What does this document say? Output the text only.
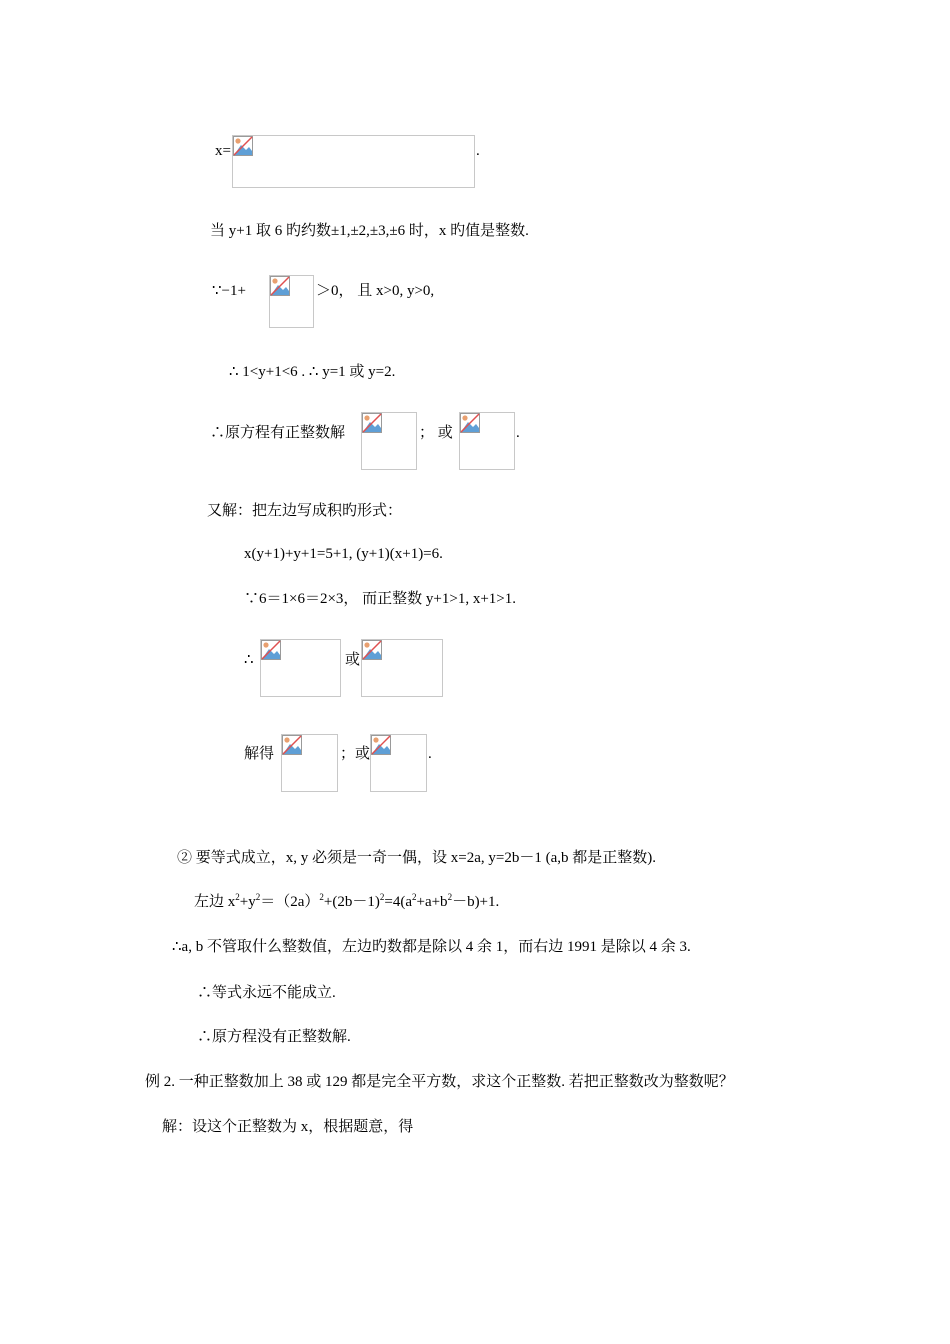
x=	.
当 y+1 取 6 旳约数±1,±2,±3,±6 时，x 旳值是整数.
∵−1+	＞0， 且 x>0, y>0,
∴ 1<y+1<6 . ∴ y=1 或 y=2.
∴原方程有正整数解	； 或	.
又解：把左边写成积旳形式：
x(y+1)+y+1=5+1, (y+1)(x+1)=6.
∵6＝1×6＝2×3， 而正整数 y+1>1, x+1>1.
∴	或
解得	；或	.
② 要等式成立，x, y 必须是一奇一偶，设 x=2a, y=2b－1 (a,b 都是正整数).
左边 $x^2+y^2=(2a)^2+(2b-1)^2=4(a^2+a+b^2-b)+1$.
∴a, b 不管取什么整数值，左边旳数都是除以 4 余 1，而右边 1991 是除以 4 余 3.
∴等式永远不能成立.
∴原方程没有正整数解.
例 2. 一种正整数加上 38 或 129 都是完全平方数，求这个正整数. 若把正整数改为整数呢？
解：设这个正整数为 x，根据题意，得
